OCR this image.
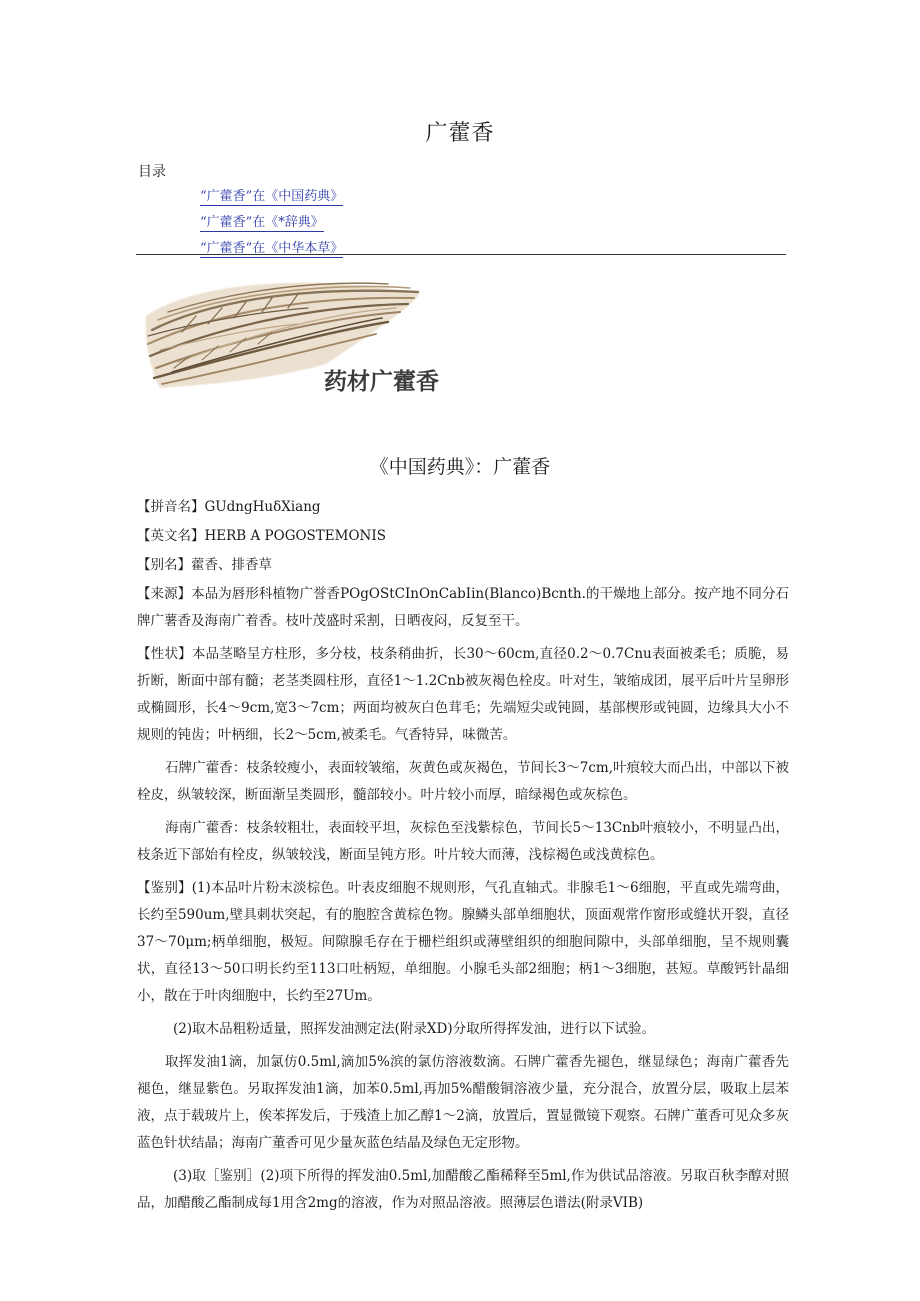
广藿香
目录
“广藿香”在《中国药典》
“广藿香”在《*辞典》
“广藿香”在《中华本草》
药材广藿香
《中国药典》：广藿香

【拼音名】GUdngHuδXiang

【英文名】HERB A POGOSTEMONIS

【别名】藿香、排香草

【来源】本品为唇形科植物广誉香POgOStCInOnCabIin(Blanco)Bcnth.的干燥地上部分。按产地不同分石牌广薯香及海南广着香。枝叶茂盛时采割，日晒夜闷，反复至干。

【性状】本品茎略呈方柱形，多分枝，枝条稍曲折，长30～60cm,直径0.2～0.7Cnu表面被柔毛；质脆，易折断，断面中部有髓；老茎类圆柱形，直径1～1.2Cnb被灰褐色栓皮。叶对生，皱缩成团，展平后叶片呈卵形或椭圆形，长4～9cm,宽3～7cm；两面均被灰白色茸毛；先端短尖或钝圆，基部楔形或钝圆，边缘具大小不规则的钝齿；叶柄细，长2～5cm,被柔毛。气香特异，味微苦。

石牌广藿香：枝条较瘦小，表面较皱缩，灰黄色或灰褐色，节间长3～7cm,叶痕较大而凸出，中部以下被栓皮，纵皱较深，断面渐呈类圆形，髓部较小。叶片较小而厚，暗绿褐色或灰棕色。

海南广藿香：枝条较粗壮，表面较平坦，灰棕色至浅紫棕色，节间长5～13Cnb叶痕较小，不明显凸出，枝条近下部始有栓皮，纵皱较浅，断面呈钝方形。叶片较大而薄，浅棕褐色或浅黄棕色。

【鉴别】(1)本品叶片粉末淡棕色。叶表皮细胞不规则形，气孔直轴式。非腺毛1～6细胞，平直或先端弯曲，长约至590um,壁具刺状突起，有的胞腔含黄棕色物。腺鳞头部单细胞状，顶面观常作窗形或缝状开裂，直径37～70μm;柄单细胞，极短。间隙腺毛存在于栅栏组织或薄壁组织的细胞间隙中，头部单细胞，呈不规则囊状，直径13～50口明长约至113口吐柄短，单细胞。小腺毛头部2细胞；柄1～3细胞，甚短。草酸钙针晶细小，散在于叶肉细胞中，长约至27Um。

(2)取木品粗粉适量，照挥发油测定法(附录XD)分取所得挥发油，进行以下试验。

取挥发油1滴，加氯仿0.5ml,滴加5%滨的氯仿溶液数滴。石牌广藿香先褪色，继显绿色；海南广藿香先褪色，继显紫色。另取挥发油1滴，加苯0.5ml,再加5%醋酸铜溶液少量，充分混合，放置分层，吸取上层苯液，点于载玻片上，俟苯挥发后，于残渣上加乙醇1～2滴，放置后，置显微镜下观察。石牌广董香可见众多灰蓝色针状结晶；海南广董香可见少量灰蓝色结晶及绿色无定形物。

(3)取［鉴别］(2)项下所得的挥发油0.5ml,加醋酸乙酯稀释至5ml,作为供试品溶液。另取百秋李醇对照品，加醋酸乙酯制成每1用含2mg的溶液，作为对照品溶液。照薄层色谱法(附录VIB)
